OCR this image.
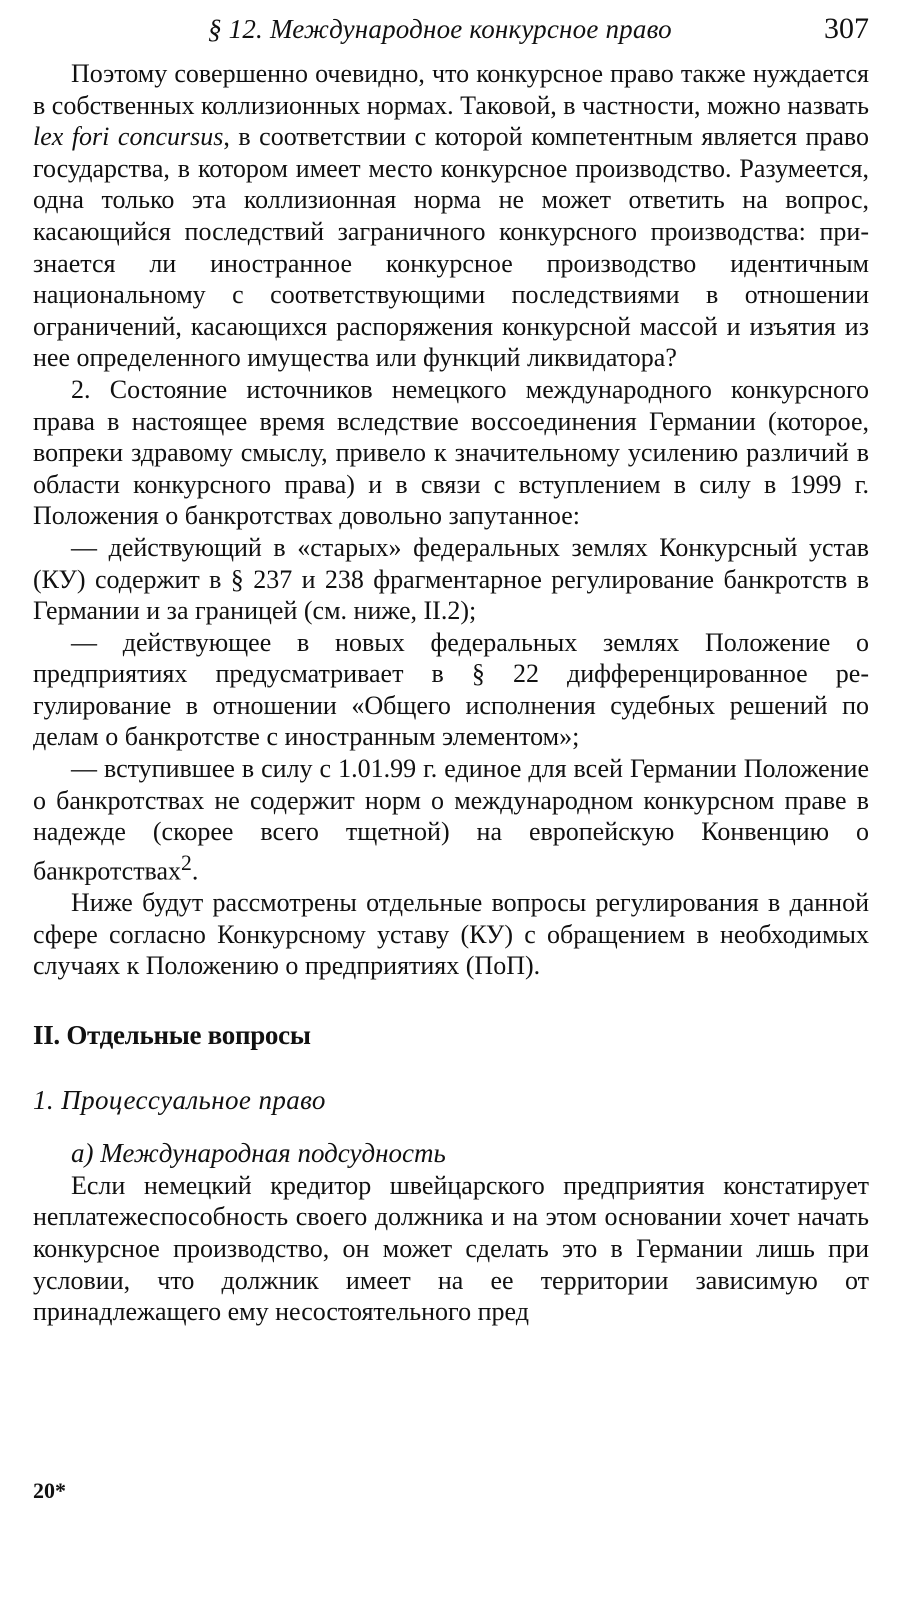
§ 12. Международное конкурсное право	307

Поэтому совершенно очевидно, что конкурсное право также нуждается в собственных коллизионных нормах. Таковой, в частности, можно назвать lex fori concursus, в соответствии с которой компетентным является право государства, в котором имеет место конкурсное производство. Разумеется, одна только эта коллизионная норма не может ответить на вопрос, касающийся последствий заграничного конкурсного производства: признается ли иностранное конкурсное производство идентичным национальному с соответствующими последствиями в отношении ограничений, касающихся распоряжения конкурсной массой и изъятия из нее определенного имущества или функций ликвидатора?

2. Состояние источников немецкого международного конкурсного права в настоящее время вследствие воссоединения Германии (которое, вопреки здравому смыслу, привело к значительному усилению различий в области конкурсного права) и в связи с вступлением в силу в 1999 г. Положения о банкротствах довольно запутанное:

— действующий в «старых» федеральных землях Конкурсный устав (КУ) содержит в § 237 и 238 фрагментарное регулирование банкротств в Германии и за границей (см. ниже, II.2);

— действующее в новых федеральных землях Положение о предприятиях предусматривает в § 22 дифференцированное регулирование в отношении «Общего исполнения судебных решений по делам о банкротстве с иностранным элементом»;

— вступившее в силу с 1.01.99 г. единое для всей Германии Положение о банкротствах не содержит норм о международном конкурсном праве в надежде (скорее всего тщетной) на европейскую Конвенцию о банкротствах$^2$.

Ниже будут рассмотрены отдельные вопросы регулирования в данной сфере согласно Конкурсному уставу (КУ) с обращением в необходимых случаях к Положению о предприятиях (ПоП).

II. Отдельные вопросы
1. Процессуальное право
а) Международная подсудность

Если немецкий кредитор швейцарского предприятия констатирует неплатежеспособность своего должника и на этом основании хочет начать конкурсное производство, он может сделать это в Германии лишь при условии, что должник имеет на ее территории зависимую от принадлежащего ему несостоятельного пред

20*
